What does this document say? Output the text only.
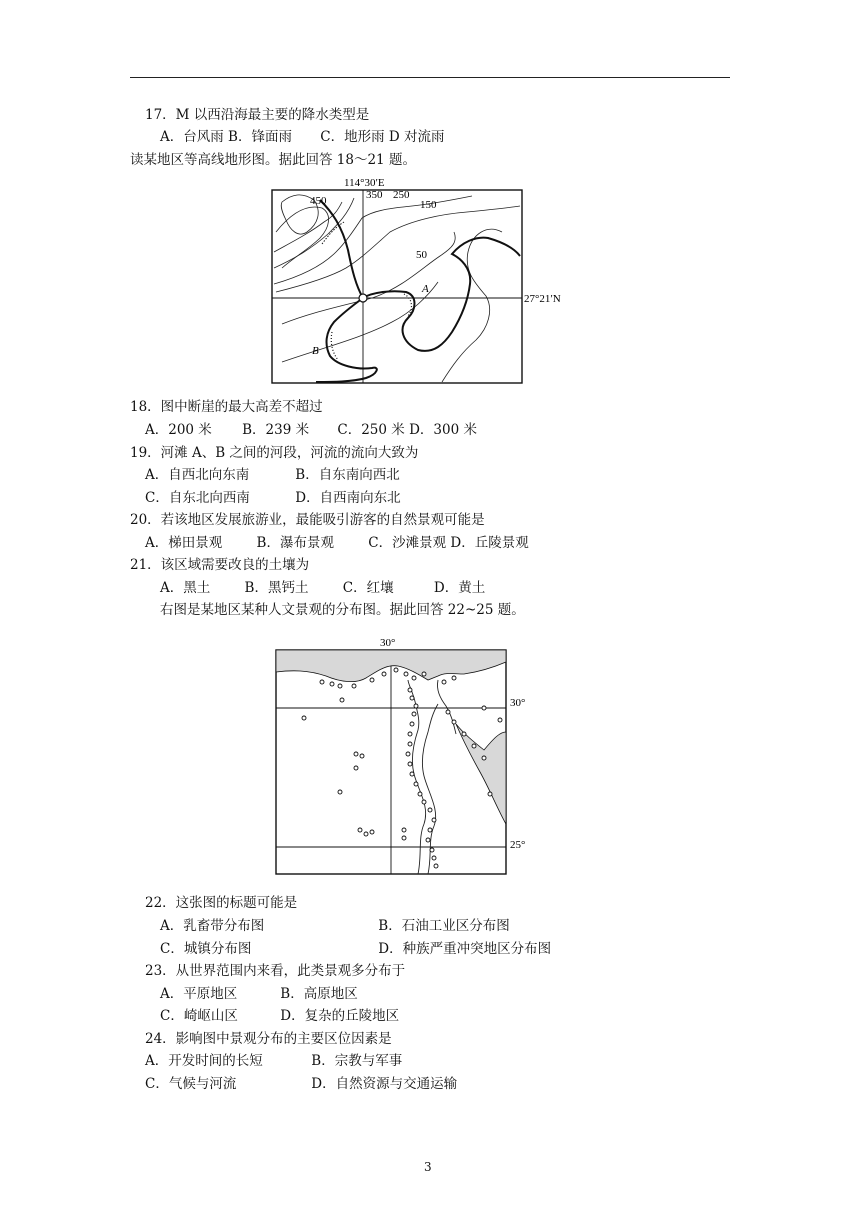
17．M 以西沿海最主要的降水类型是
A．台风雨 B．锋面雨 C．地形雨 D 对流雨
读某地区等高线地形图。据此回答 18～21 题。
114°30′E
27°21′N
450	350 250
150
50
A
B
18．图中断崖的最大高差不超过
A．200 米 B．239 米 C．250 米 D．300 米
19．河滩 A、B 之间的河段，河流的流向大致为
A．自西北向东南	B．自东南向西北
C．自东北向西南	D．自西南向东北
20．若该地区发展旅游业，最能吸引游客的自然景观可能是
A．梯田景观	B．瀑布景观	C．沙滩景观 D．丘陵景观
21．该区域需要改良的土壤为
A．黑土	B．黑钙土	C．红壤	D．黄土
右图是某地区某种人文景观的分布图。据此回答 22~25 题。
30°
30°
25°
22．这张图的标题可能是
A．乳畜带分布图	B．石油工业区分布图
C．城镇分布图	D．种族严重冲突地区分布图
23．从世界范围内来看，此类景观多分布于
A．平原地区	B．高原地区
C．崎岖山区	D．复杂的丘陵地区
24．影响图中景观分布的主要区位因素是
A．开发时间的长短	B．宗教与军事
C．气候与河流	D．自然资源与交通运输
3
